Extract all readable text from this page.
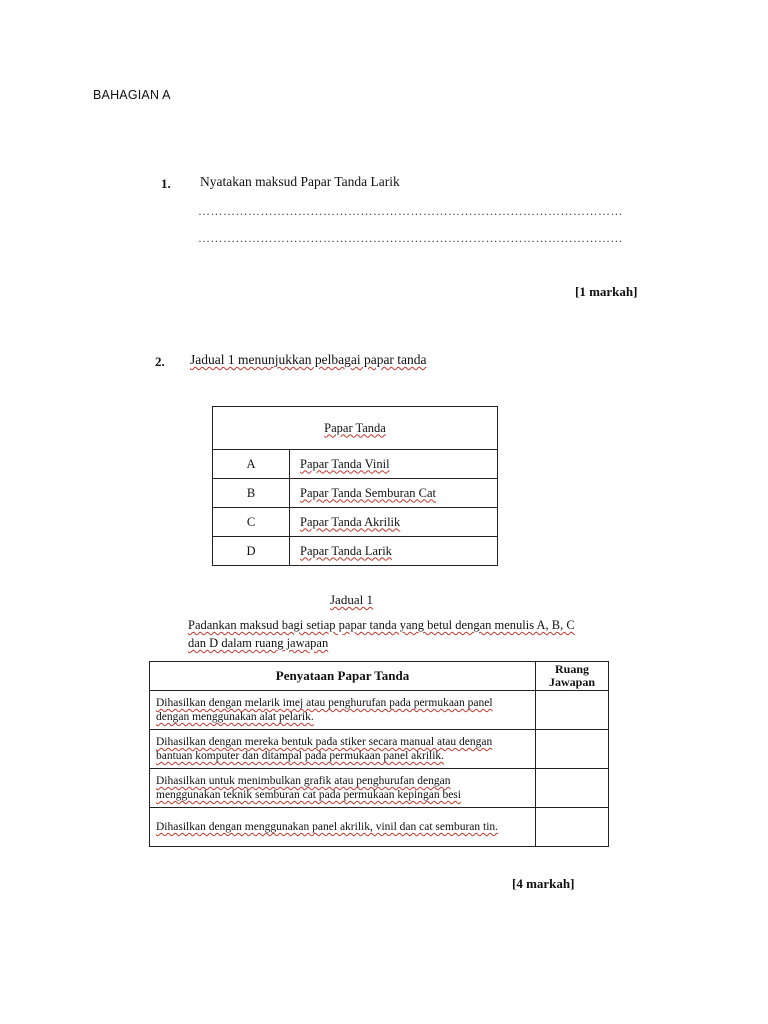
BAHAGIAN A
1. Nyatakan maksud Papar Tanda Larik
…………………………………………………………………………………………
…………………………………………………………………………………………
[1 markah]
2. Jadual 1 menunjukkan pelbagai papar tanda
Papar Tanda	
A	Papar Tanda Vinil
B	Papar Tanda Semburan Cat
C	Papar Tanda Akrilik
D	Papar Tanda Larik
Jadual 1
Padankan maksud bagi setiap papar tanda yang betul dengan menulis A, B, C
dan D dalam ruang jawapan
Penyataan Papar Tanda	Ruang
Jawapan
Dihasilkan dengan melarik imej atau penghurufan pada permukaan panel
dengan menggunakan alat pelarik.	
Dihasilkan dengan mereka bentuk pada stiker secara manual atau dengan
bantuan komputer dan ditampal pada permukaan panel akrilik.	
Dihasilkan untuk menimbulkan grafik atau penghurufan dengan
menggunakan teknik semburan cat pada permukaan kepingan besi	
Dihasilkan dengan menggunakan panel akrilik, vinil dan cat semburan tin.	
[4 markah]
